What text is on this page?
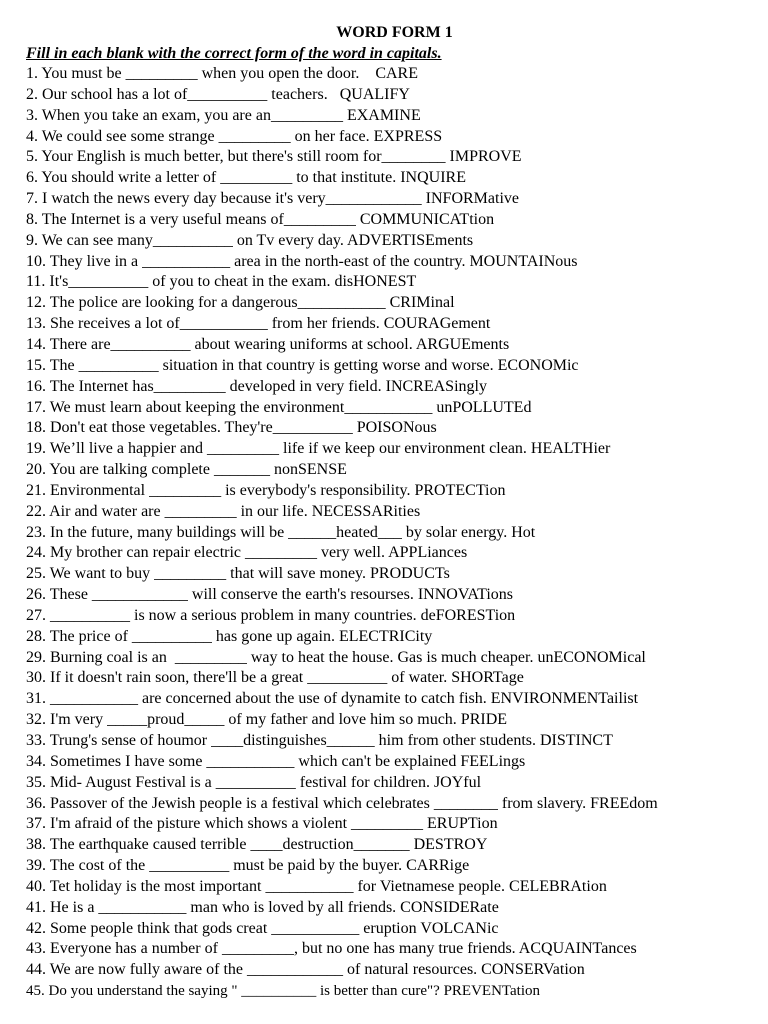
WORD FORM 1

Fill in each blank with the correct form of the word in capitals.

1. You must be _________ when you open the door.    CARE
2. Our school has a lot of__________ teachers.   QUALIFY
3. When you take an exam, you are an_________ EXAMINE
4. We could see some strange _________ on her face. EXPRESS
5. Your English is much better, but there's still room for________ IMPROVE
6. You should write a letter of _________ to that institute. INQUIRE
7. I watch the news every day because it's very____________ INFORMative
8. The Internet is a very useful means of_________ COMMUNICATtion
9. We can see many__________ on Tv every day. ADVERTISEments
10. They live in a ___________ area in the north-east of the country. MOUNTAINous
11. It's__________ of you to cheat in the exam. disHONEST
12. The police are looking for a dangerous___________ CRIMinal
13. She receives a lot of___________ from her friends. COURAGement
14. There are__________ about wearing uniforms at school. ARGUEments
15. The __________ situation in that country is getting worse and worse. ECONOMic
16. The Internet has_________ developed in very field. INCREASingly
17. We must learn about keeping the environment___________ unPOLLUTEd
18. Don't eat those vegetables. They're__________ POISONous
19. We’ll live a happier and _________ life if we keep our environment clean. HEALTHier
20. You are talking complete _______ nonSENSE
21. Environmental _________ is everybody's responsibility. PROTECTion
22. Air and water are _________ in our life. NECESSARities
23. In the future, many buildings will be ______heated___ by solar energy. Hot
24. My brother can repair electric _________ very well. APPLiances
25. We want to buy _________ that will save money. PRODUCTs
26. These ____________ will conserve the earth's resourses. INNOVATions
27. __________ is now a serious problem in many countries. deFORESTion
28. The price of __________ has gone up again. ELECTRICity
29. Burning coal is an  _________ way to heat the house. Gas is much cheaper. unECONOMical
30. If it doesn't rain soon, there'll be a great __________ of water. SHORTage
31. ___________ are concerned about the use of dynamite to catch fish. ENVIRONMENTailist
32. I'm very _____proud_____ of my father and love him so much. PRIDE
33. Trung's sense of houmor ____distinguishes______ him from other students. DISTINCT
34. Sometimes I have some ___________ which can't be explained FEELings
35. Mid- August Festival is a __________ festival for children. JOYful
36. Passover of the Jewish people is a festival which celebrates ________ from slavery. FREEdom
37. I'm afraid of the pisture which shows a violent _________ ERUPTion
38. The earthquake caused terrible ____destruction_______ DESTROY
39. The cost of the __________ must be paid by the buyer. CARRige
40. Tet holiday is the most important ___________ for Vietnamese people. CELEBRAtion
41. He is a ___________ man who is loved by all friends. CONSIDERate
42. Some people think that gods creat ___________ eruption VOLCANic
43. Everyone has a number of _________, but no one has many true friends. ACQUAINTances
44. We are now fully aware of the ____________ of natural resources. CONSERVation
45. Do you understand the saying " __________ is better than cure"? PREVENTation
